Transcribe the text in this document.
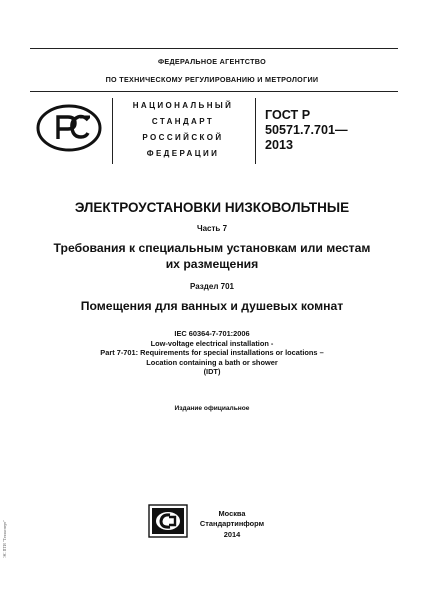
ФЕДЕРАЛЬНОЕ АГЕНТСТВО
ПО ТЕХНИЧЕСКОМУ РЕГУЛИРОВАНИЮ И МЕТРОЛОГИИ
НАЦИОНАЛЬНЫЙ
СТАНДАРТ
РОССИЙСКОЙ
ФЕДЕРАЦИИ
ГОСТ Р
50571.7.701—
2013
ЭЛЕКТРОУСТАНОВКИ НИЗКОВОЛЬТНЫЕ
Часть 7
Требования к специальным установкам или местам
их размещения
Раздел 701
Помещения для ванных и душевых комнат
IEC 60364-7-701:2006
Low-voltage electrical installation -
Part 7-701: Requirements for special installations or locations –
Location containing a bath or shower
(IDT)
Издание официальное
Москва
Стандартинформ
2014
ЭС ПТИ "Техэксперт"
